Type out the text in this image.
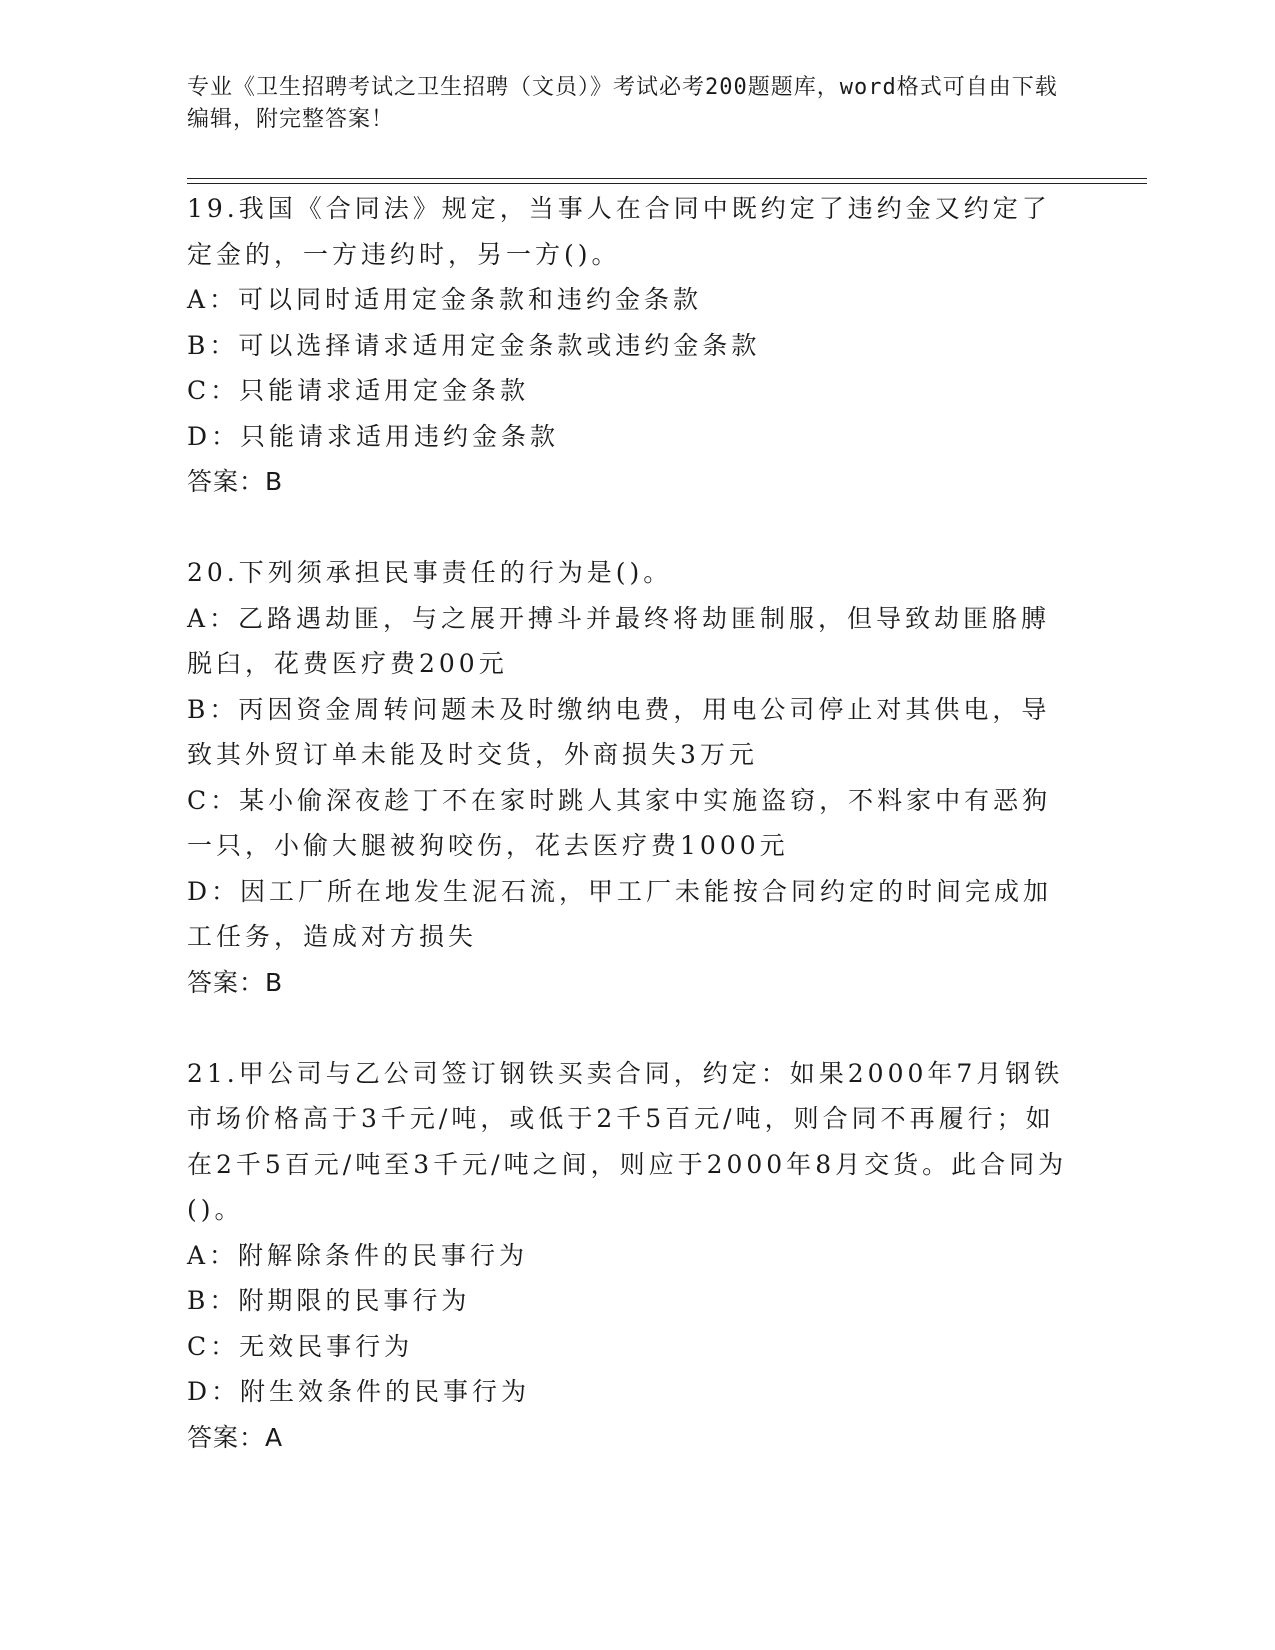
专业《卫生招聘考试之卫生招聘（文员）》考试必考200题题库，word格式可自由下载编辑，附完整答案！

19.我国《合同法》规定，当事人在合同中既约定了违约金又约定了定金的，一方违约时，另一方()。

A：可以同时适用定金条款和违约金条款

B：可以选择请求适用定金条款或违约金条款

C：只能请求适用定金条款

D：只能请求适用违约金条款

答案：B

20.下列须承担民事责任的行为是()。

A：乙路遇劫匪，与之展开搏斗并最终将劫匪制服，但导致劫匪胳膊脱臼，花费医疗费200元

B：丙因资金周转问题未及时缴纳电费，用电公司停止对其供电，导致其外贸订单未能及时交货，外商损失3万元

C：某小偷深夜趁丁不在家时跳人其家中实施盗窃，不料家中有恶狗一只，小偷大腿被狗咬伤，花去医疗费1000元

D：因工厂所在地发生泥石流，甲工厂未能按合同约定的时间完成加工任务，造成对方损失

答案：B

21.甲公司与乙公司签订钢铁买卖合同，约定：如果2000年7月钢铁市场价格高于3千元/吨，或低于2千5百元/吨，则合同不再履行；如在2千5百元/吨至3千元/吨之间，则应于2000年8月交货。此合同为()。

A：附解除条件的民事行为

B：附期限的民事行为

C：无效民事行为

D：附生效条件的民事行为

答案：A
